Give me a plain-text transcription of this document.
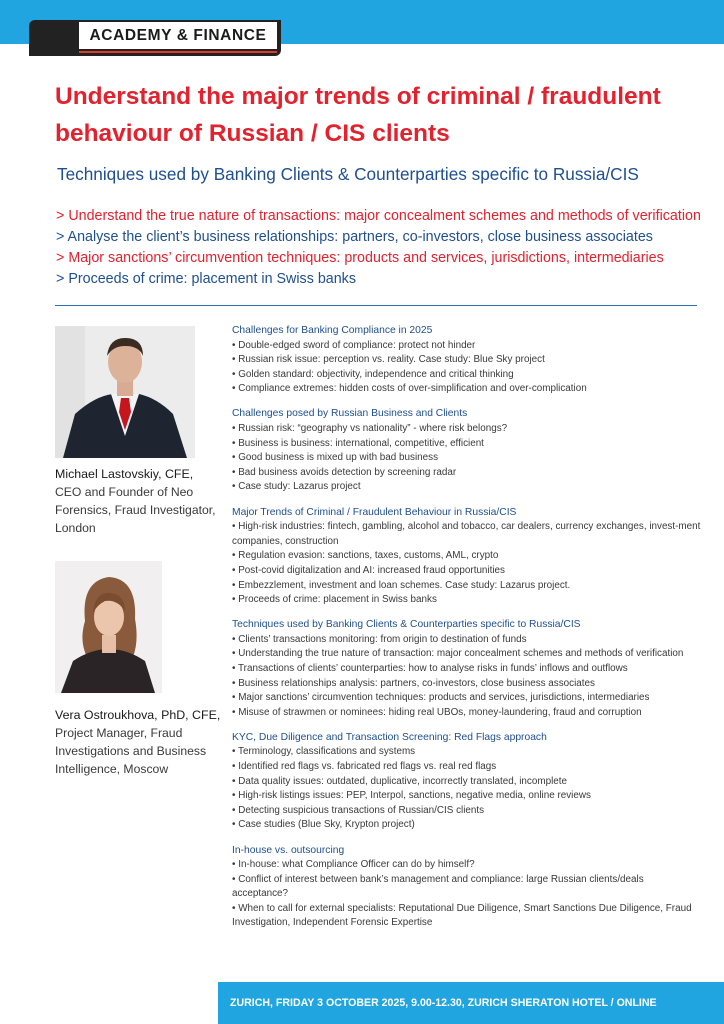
ACADEMY & FINANCE
Understand the major trends of criminal / fraudulent behaviour of Russian / CIS clients
Techniques used by Banking Clients & Counterparties specific to Russia/CIS
> Understand the true nature of transactions: major concealment schemes and methods of verification
> Analyse the client’s business relationships: partners, co-investors, close business associates
> Major sanctions’ circumvention techniques: products and services, jurisdictions, intermediaries
> Proceeds of crime: placement in Swiss banks
Michael Lastovskiy, CFE,
CEO and Founder of Neo Forensics, Fraud Investigator, London
Vera Ostroukhova, PhD, CFE,
Project Manager, Fraud Investigations and Business Intelligence, Moscow
Challenges for Banking Compliance in 2025
• Double-edged sword of compliance: protect not hinder
• Russian risk issue: perception vs. reality. Case study: Blue Sky project
• Golden standard: objectivity, independence and critical thinking
• Compliance extremes: hidden costs of over-simplification and over-complication
Challenges posed by Russian Business and Clients
• Russian risk: “geography vs nationality” - where risk belongs?
• Business is business: international, competitive, efficient
• Good business is mixed up with bad business
• Bad business avoids detection by screening radar
• Case study: Lazarus project
Major Trends of Criminal / Fraudulent Behaviour in Russia/CIS
• High-risk industries: fintech, gambling, alcohol and tobacco, car dealers, currency exchanges, invest-ment companies, construction
• Regulation evasion: sanctions, taxes, customs, AML, crypto
• Post-covid digitalization and AI: increased fraud opportunities
• Embezzlement, investment and loan schemes. Case study: Lazarus project.
• Proceeds of crime: placement in Swiss banks
Techniques used by Banking Clients & Counterparties specific to Russia/CIS
• Clients’ transactions monitoring: from origin to destination of funds
• Understanding the true nature of transaction: major concealment schemes and methods of verification
• Transactions of clients’ counterparties: how to analyse risks in funds’ inflows and outflows
• Business relationships analysis: partners, co-investors, close business associates
• Major sanctions’ circumvention techniques: products and services, jurisdictions, intermediaries
• Misuse of strawmen or nominees: hiding real UBOs, money-laundering, fraud and corruption
KYC, Due Diligence and Transaction Screening: Red Flags approach
• Terminology, classifications and systems
• Identified red flags vs. fabricated red flags vs. real red flags
• Data quality issues: outdated, duplicative, incorrectly translated, incomplete
• High-risk listings issues: PEP, Interpol, sanctions, negative media, online reviews
• Detecting suspicious transactions of Russian/CIS clients
• Case studies (Blue Sky, Krypton project)
In-house vs. outsourcing
• In-house: what Compliance Officer can do by himself?
• Conflict of interest between bank’s management and compliance: large Russian clients/deals acceptance?
• When to call for external specialists: Reputational Due Diligence, Smart Sanctions Due Diligence, Fraud Investigation, Independent Forensic Expertise
ZURICH, FRIDAY 3 OCTOBER 2025, 9.00-12.30, ZURICH SHERATON HOTEL / ONLINE
